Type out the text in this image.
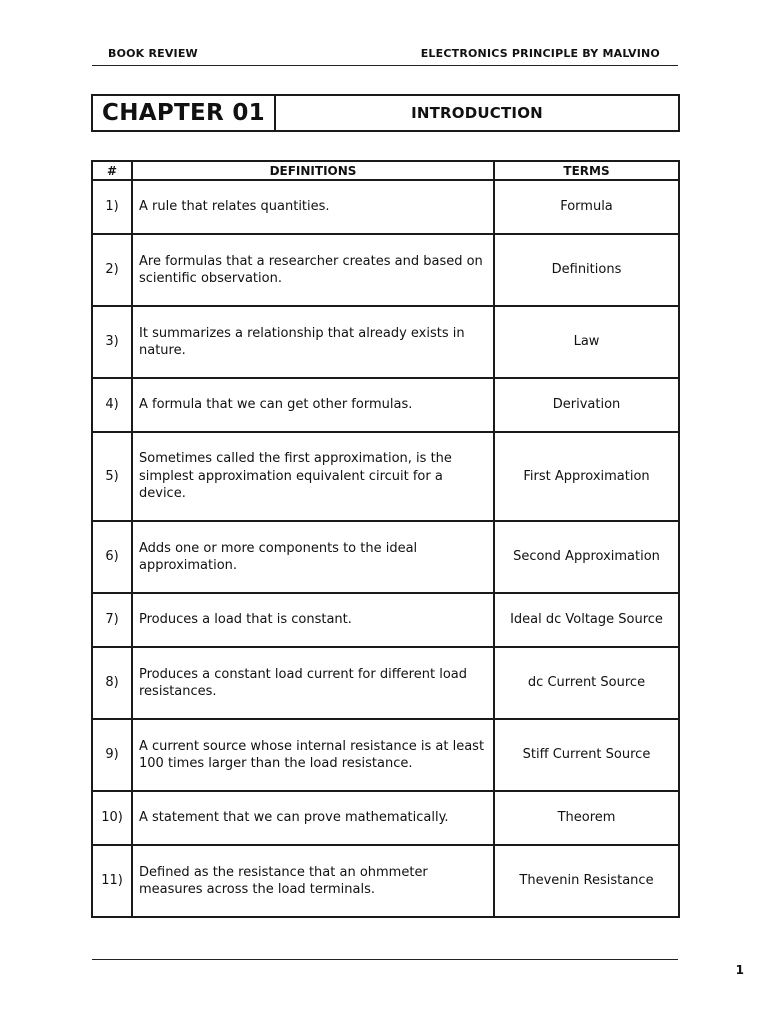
BOOK REVIEW	ELECTRONICS PRINCIPLE BY MALVINO
CHAPTER 01	INTRODUCTION
#	DEFINITIONS	TERMS
1)	A rule that relates quantities.	Formula
2)	Are formulas that a researcher creates and based on scientific observation.	Definitions
3)	It summarizes a relationship that already exists in nature.	Law
4)	A formula that we can get other formulas.	Derivation
5)	Sometimes called the first approximation, is the simplest approximation equivalent circuit for a device.	First Approximation
6)	Adds one or more components to the ideal approximation.	Second Approximation
7)	Produces a load that is constant.	Ideal dc Voltage Source
8)	Produces a constant load current for different load resistances.	dc Current Source
9)	A current source whose internal resistance is at least 100 times larger than the load resistance.	Stiff Current Source
10)	A statement that we can prove mathematically.	Theorem
11)	Defined as the resistance that an ohmmeter measures across the load terminals.	Thevenin Resistance
1
